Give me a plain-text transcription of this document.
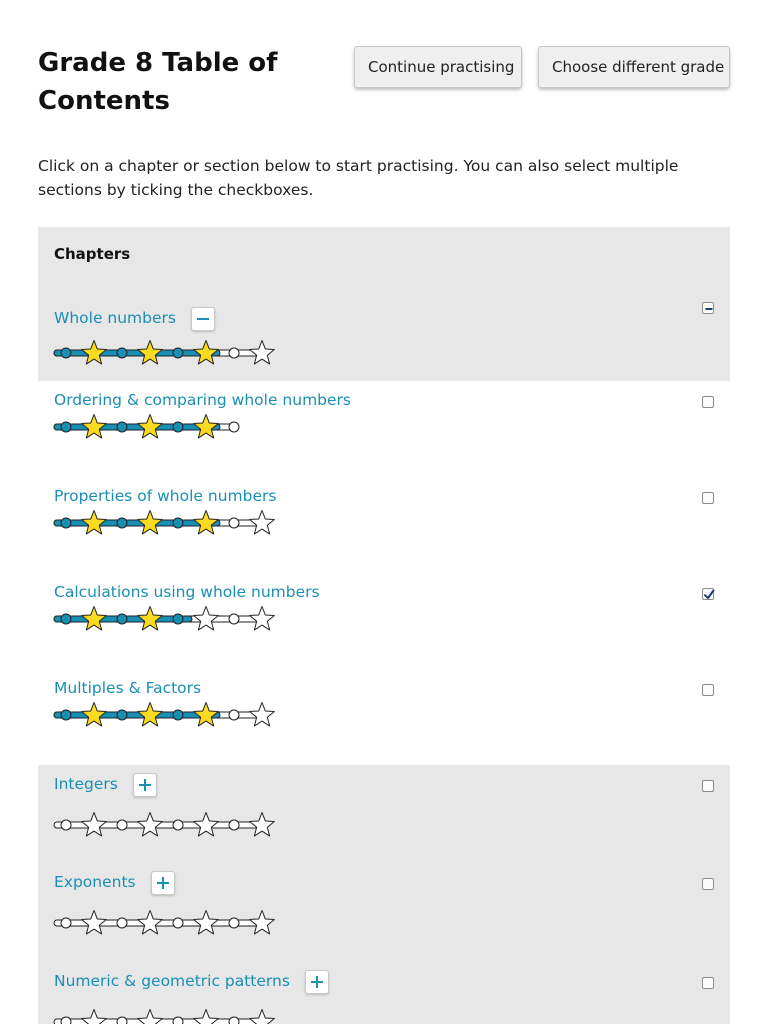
Grade 8 Table of Contents
Continue practising	Choose different grade

Click on a chapter or section below to start practising. You can also select multiple sections by ticking the checkboxes.

Chapters
Whole numbers
Ordering & comparing whole numbers
Properties of whole numbers
Calculations using whole numbers
Multiples & Factors
Integers
Exponents
Numeric & geometric patterns
